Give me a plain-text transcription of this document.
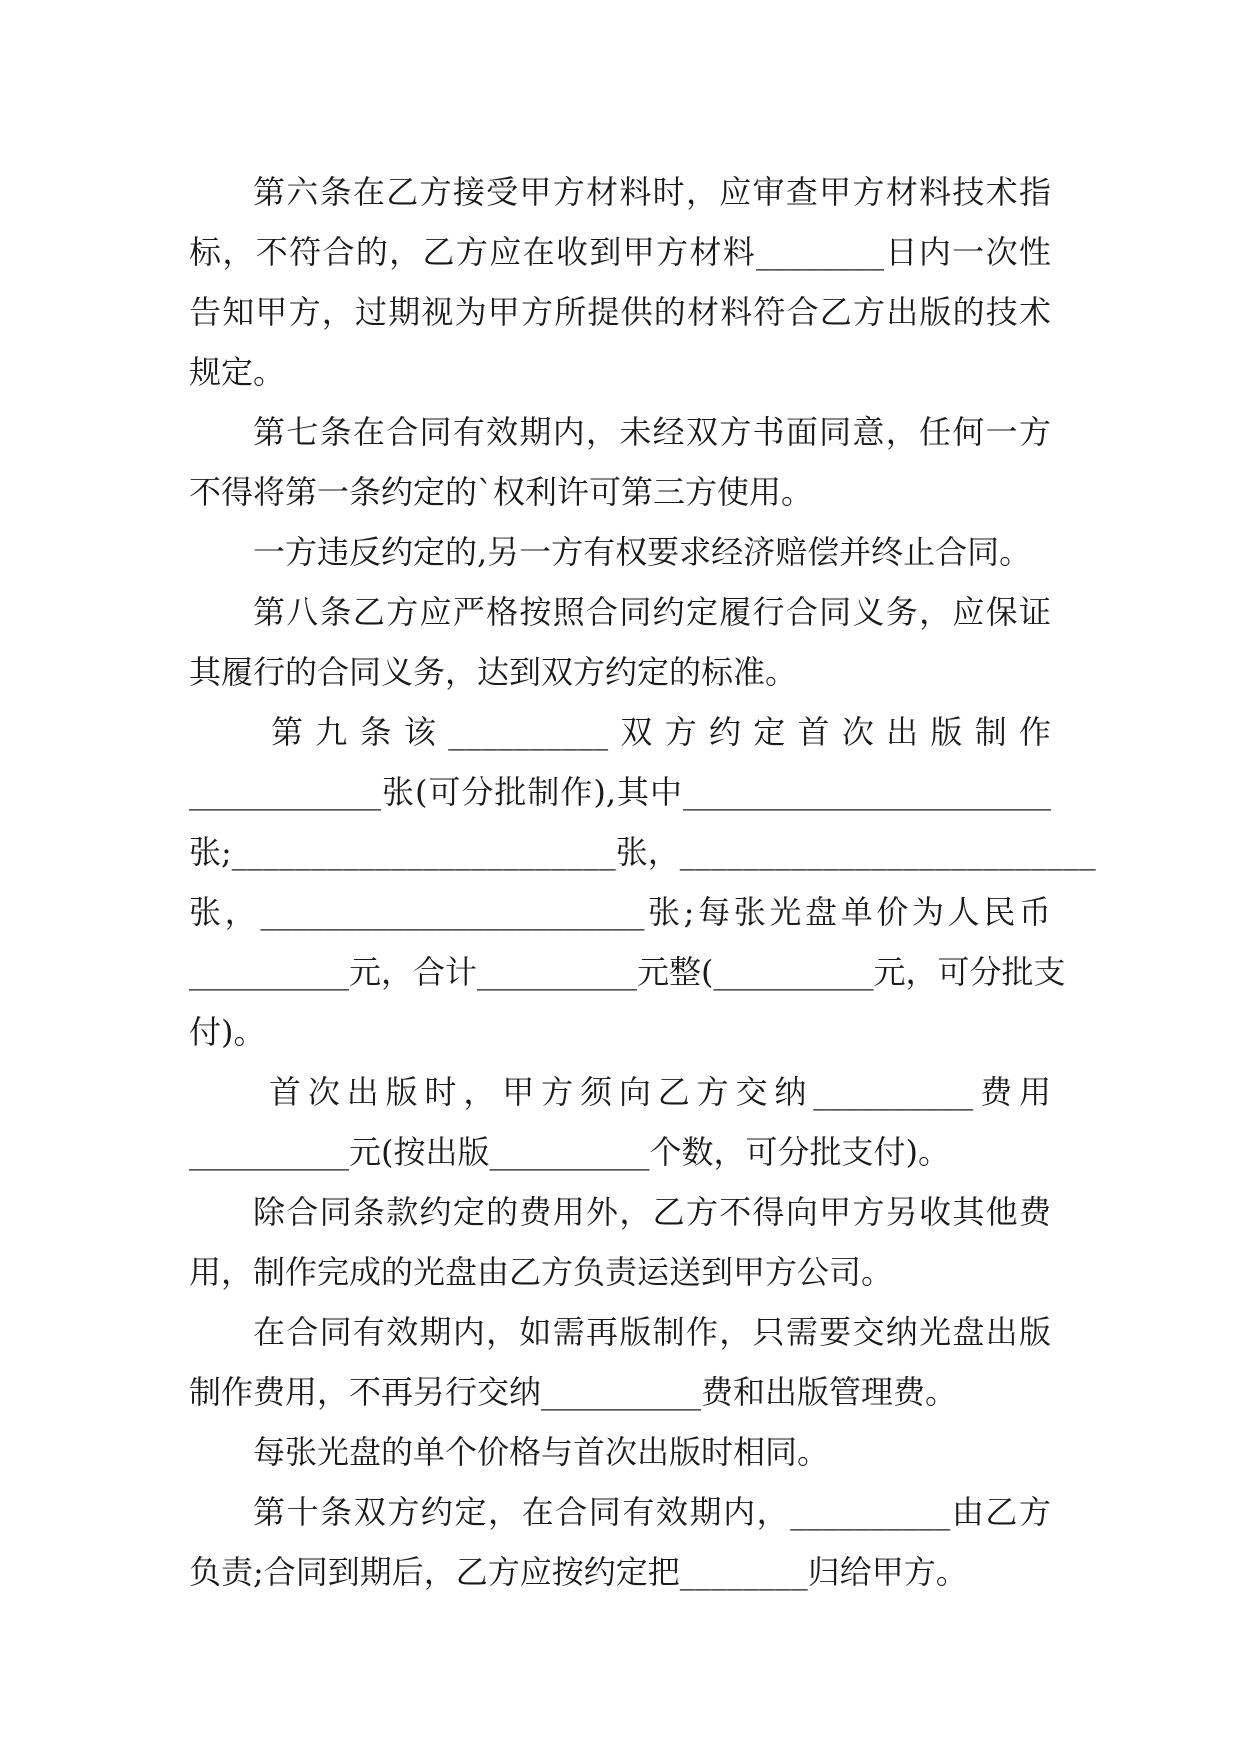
第六条在乙方接受甲方材料时，应审查甲方材料技术指
标，不符合的，乙方应在收到甲方材料________日内一次性
告知甲方，过期视为甲方所提供的材料符合乙方出版的技术
规定。
第七条在合同有效期内，未经双方书面同意，任何一方
不得将第一条约定的`权利许可第三方使用。
一方违反约定的,另一方有权要求经济赔偿并终止合同。
第八条乙方应严格按照合同约定履行合同义务，应保证
其履行的合同义务，达到双方约定的标准。
第九条该__________双方约定首次出版制作
____________张(可分批制作),其中_______________________
张;________________________张，__________________________
张，________________________张;每张光盘单价为人民币
__________元，合计__________元整(__________元，可分批支
付)。
首次出版时，甲方须向乙方交纳__________费用
__________元(按出版__________个数，可分批支付)。
除合同条款约定的费用外，乙方不得向甲方另收其他费
用，制作完成的光盘由乙方负责运送到甲方公司。
在合同有效期内，如需再版制作，只需要交纳光盘出版
制作费用，不再另行交纳__________费和出版管理费。
每张光盘的单个价格与首次出版时相同。
第十条双方约定，在合同有效期内，__________由乙方
负责;合同到期后，乙方应按约定把________归给甲方。
